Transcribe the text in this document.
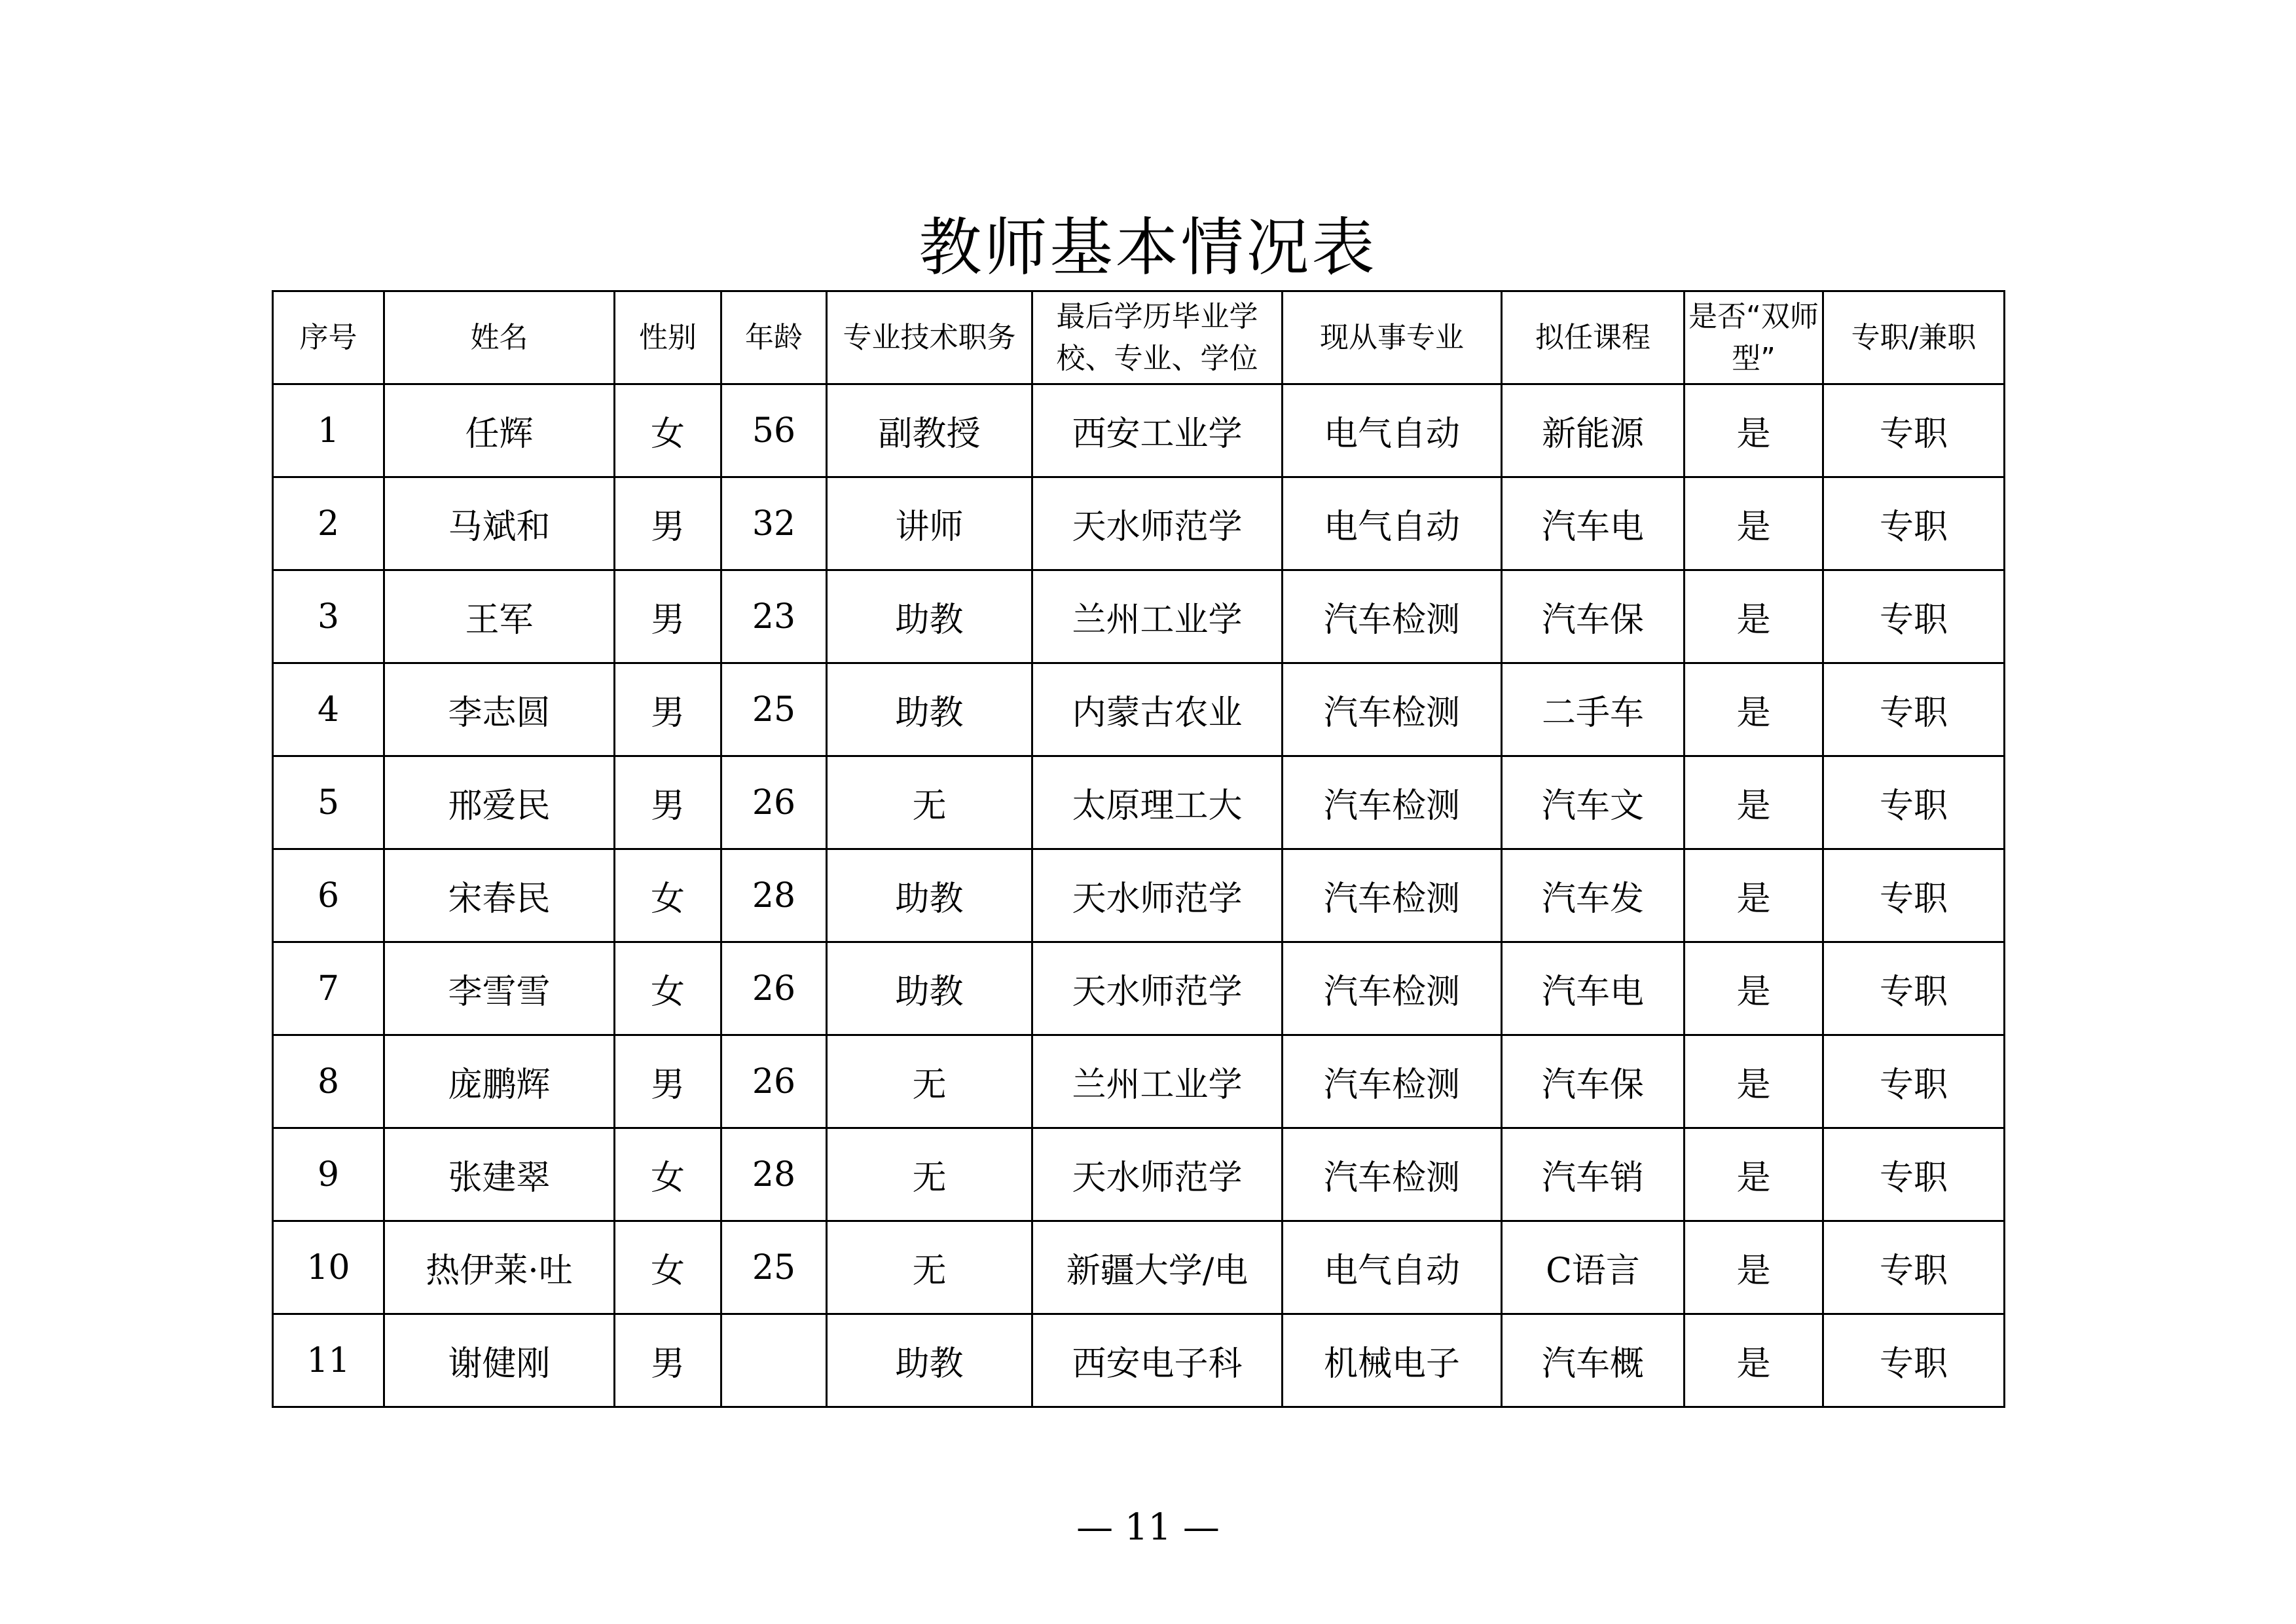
教师基本情况表
序号	姓名	性别	年龄	专业技术职务	最后学历毕业学校、专业、学位	现从事专业	拟任课程	是否“双师型”	专职/兼职
1	任辉	女	56	副教授	西安工业学	电气自动	新能源	是	专职
2	马斌和	男	32	讲师	天水师范学	电气自动	汽车电	是	专职
3	王军	男	23	助教	兰州工业学	汽车检测	汽车保	是	专职
4	李志圆	男	25	助教	内蒙古农业	汽车检测	二手车	是	专职
5	邢爱民	男	26	无	太原理工大	汽车检测	汽车文	是	专职
6	宋春民	女	28	助教	天水师范学	汽车检测	汽车发	是	专职
7	李雪雪	女	26	助教	天水师范学	汽车检测	汽车电	是	专职
8	庞鹏辉	男	26	无	兰州工业学	汽车检测	汽车保	是	专职
9	张建翠	女	28	无	天水师范学	汽车检测	汽车销	是	专职
10	热伊莱·吐	女	25	无	新疆大学/电	电气自动	C语言	是	专职
11	谢健刚	男		助教	西安电子科	机械电子	汽车概	是	专职
— 11 —
